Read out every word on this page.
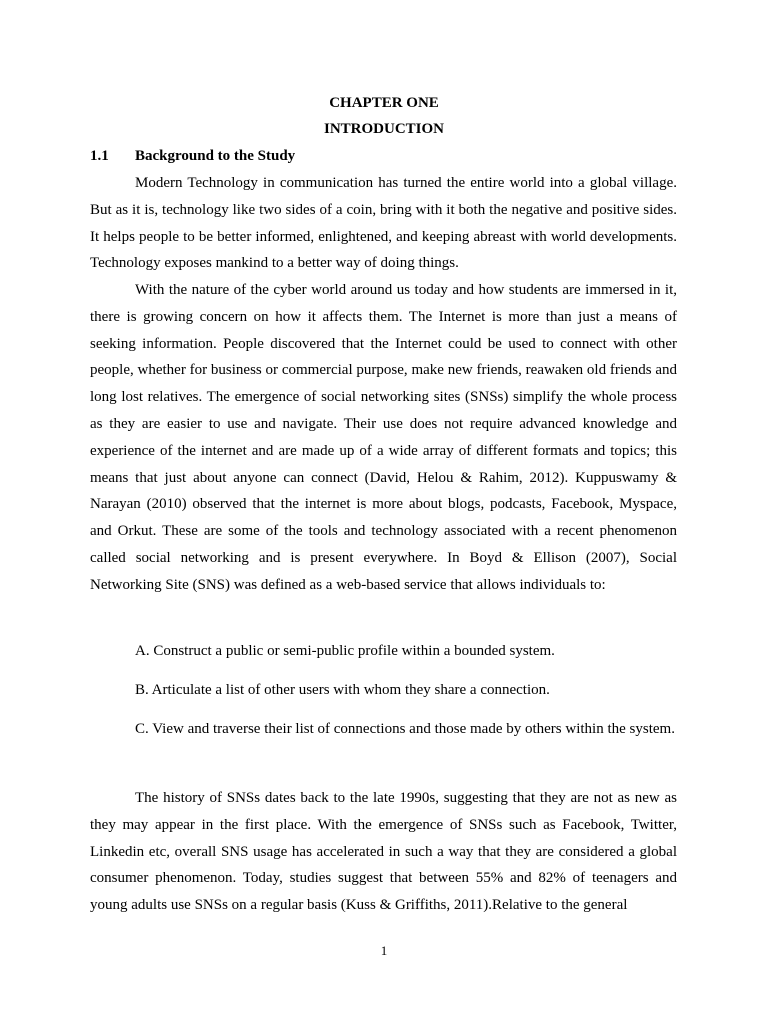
CHAPTER ONE
INTRODUCTION
1.1 Background to the Study

Modern Technology in communication has turned the entire world into a global village. But as it is, technology like two sides of a coin, bring with it both the negative and positive sides. It helps people to be better informed, enlightened, and keeping abreast with world developments. Technology exposes mankind to a better way of doing things.

With the nature of the cyber world around us today and how students are immersed in it, there is growing concern on how it affects them. The Internet is more than just a means of seeking information. People discovered that the Internet could be used to connect with other people, whether for business or commercial purpose, make new friends, reawaken old friends and long lost relatives. The emergence of social networking sites (SNSs) simplify the whole process as they are easier to use and navigate. Their use does not require advanced knowledge and experience of the internet and are made up of a wide array of different formats and topics; this means that just about anyone can connect (David, Helou & Rahim, 2012). Kuppuswamy & Narayan (2010) observed that the internet is more about blogs, podcasts, Facebook, Myspace, and Orkut. These are some of the tools and technology associated with a recent phenomenon called social networking and is present everywhere. In Boyd & Ellison (2007), Social Networking Site (SNS) was defined as a web-based service that allows individuals to:

A. Construct a public or semi-public profile within a bounded system.

B. Articulate a list of other users with whom they share a connection.

C. View and traverse their list of connections and those made by others within the system.

The history of SNSs dates back to the late 1990s, suggesting that they are not as new as they may appear in the first place. With the emergence of SNSs such as Facebook, Twitter, Linkedin etc, overall SNS usage has accelerated in such a way that they are considered a global consumer phenomenon. Today, studies suggest that between 55% and 82% of teenagers and young adults use SNSs on a regular basis (Kuss & Griffiths, 2011).Relative to the general

1
